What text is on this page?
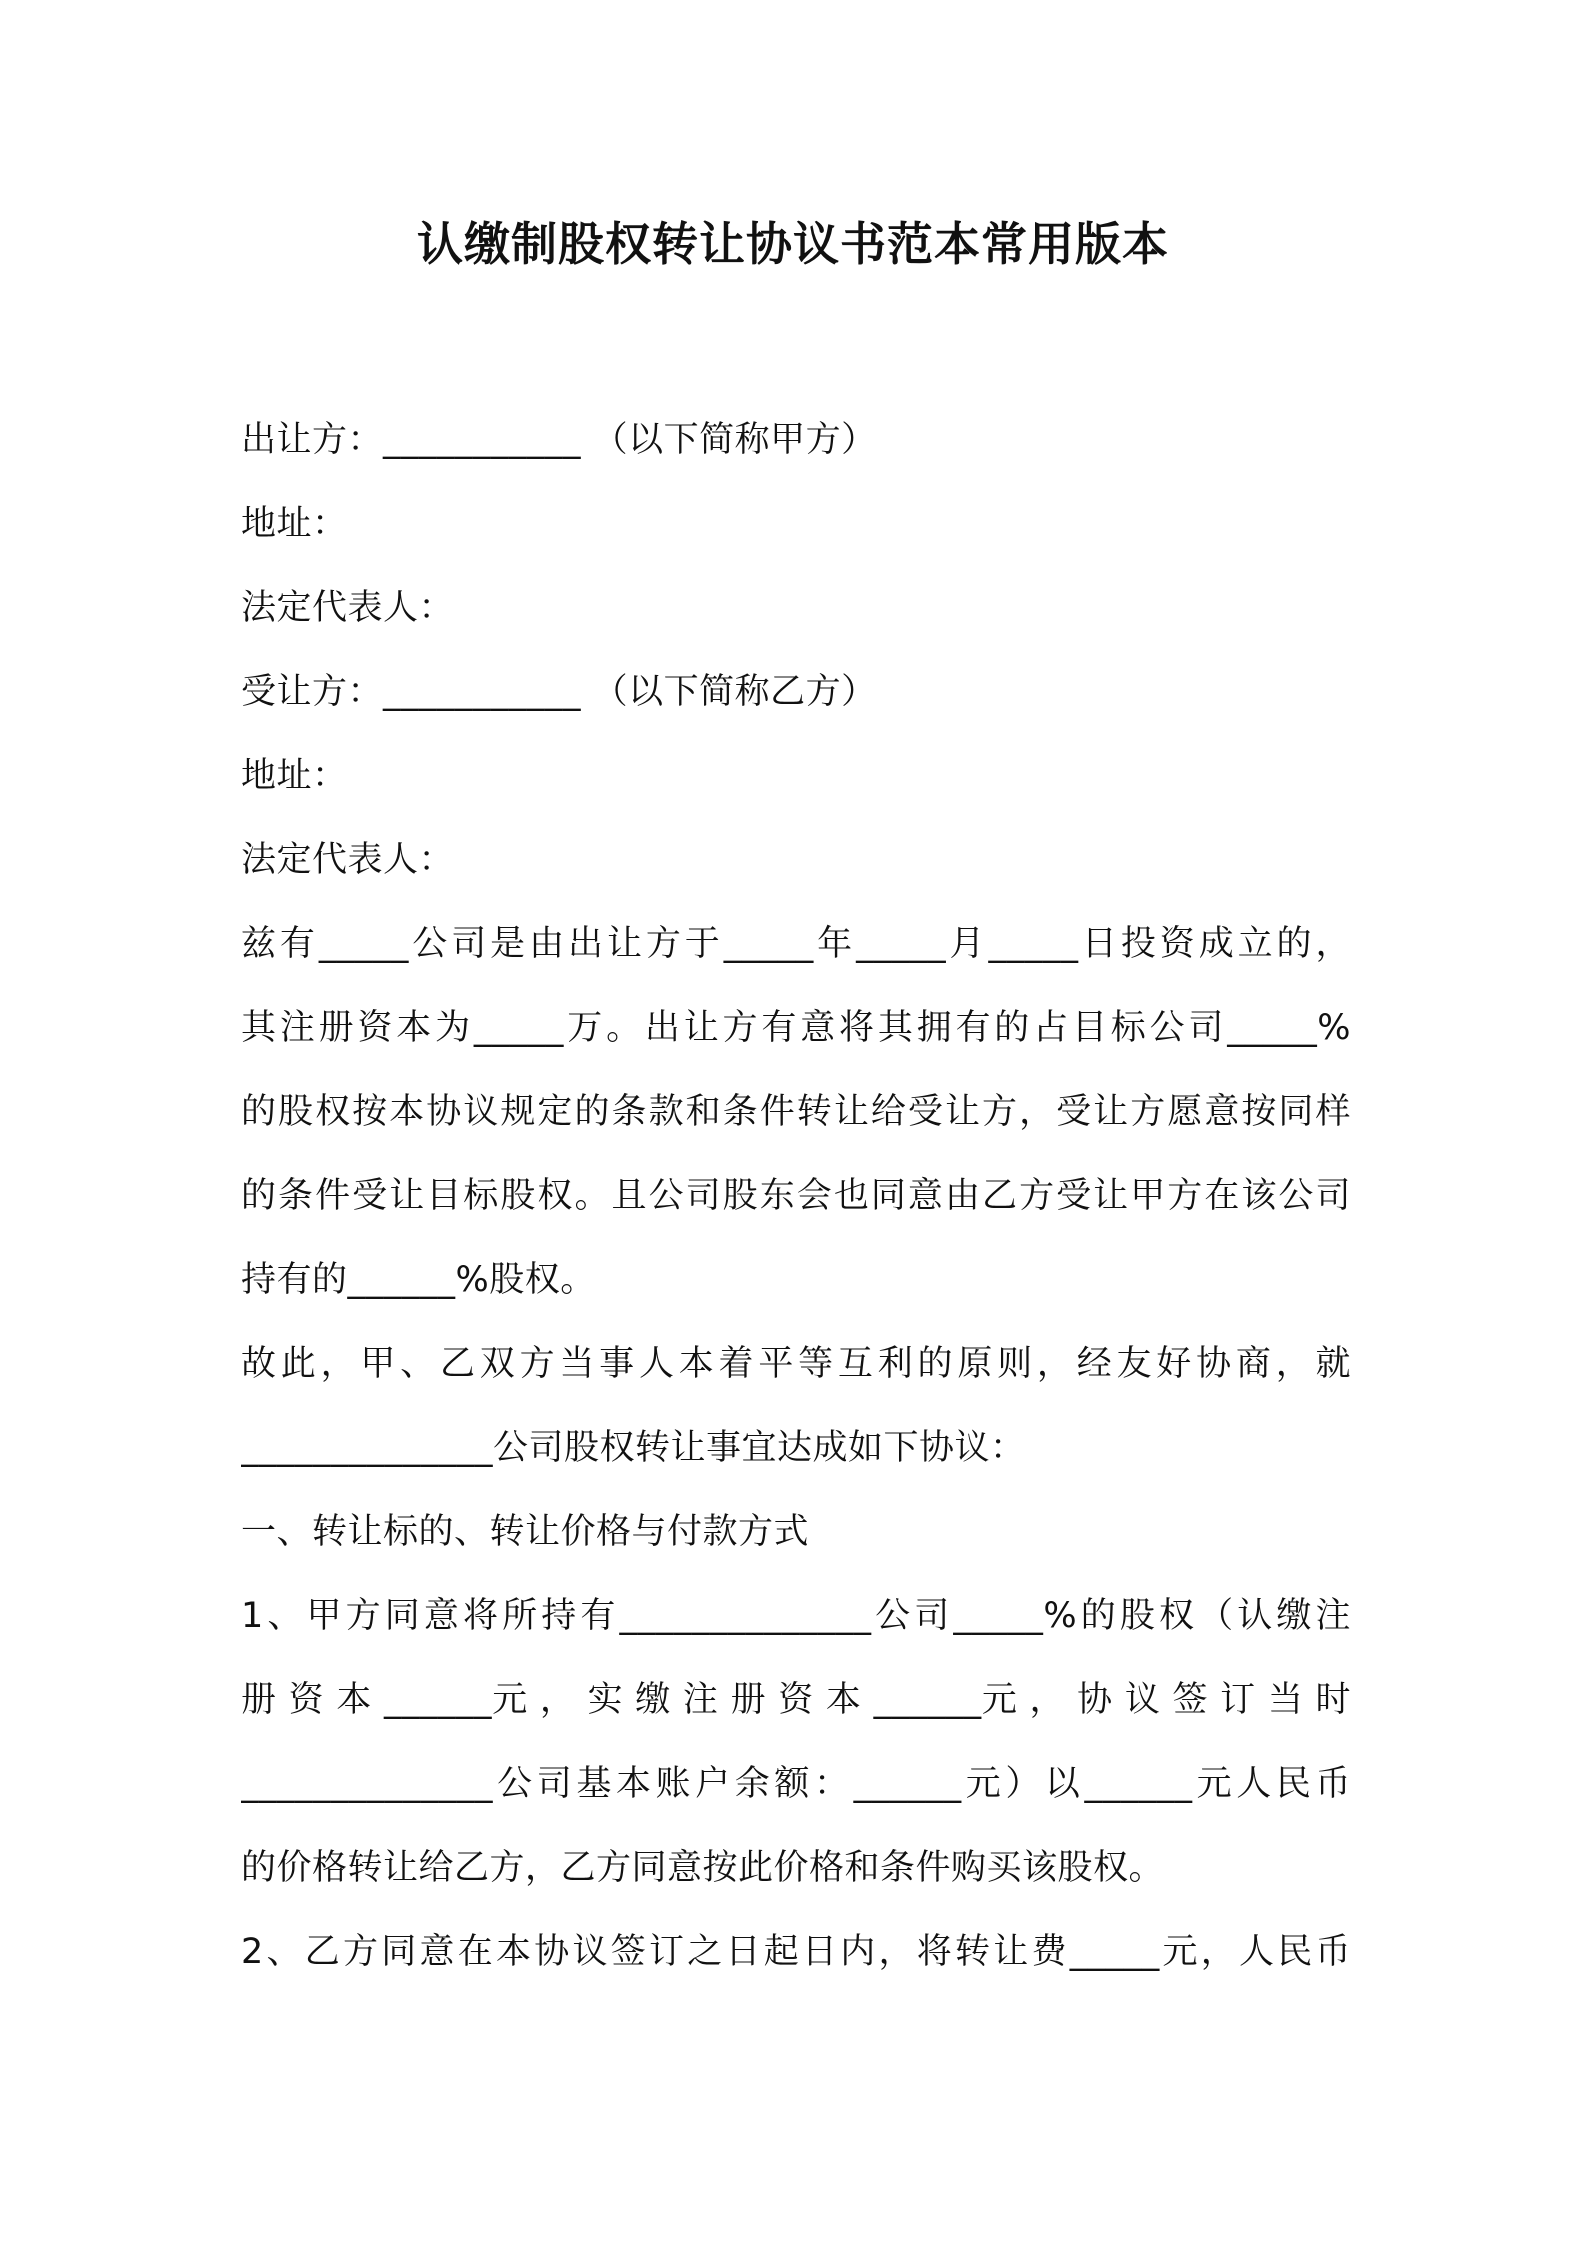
认缴制股权转让协议书范本常用版本
出让方：___________ （以下简称甲方）
地址：
法定代表人：
受让方：___________ （以下简称乙方）
地址：
法定代表人：
兹有_____公司是由出让方于_____年_____月_____日投资成立的，
其注册资本为_____万。出让方有意将其拥有的占目标公司_____%
的股权按本协议规定的条款和条件转让给受让方，受让方愿意按同样
的条件受让目标股权。且公司股东会也同意由乙方受让甲方在该公司
持有的______%股权。
故此，甲、乙双方当事人本着平等互利的原则，经友好协商，就
______________公司股权转让事宜达成如下协议：
一、转让标的、转让价格与付款方式
1、甲方同意将所持有______________公司_____%的股权（认缴注
册 资 本 ______元 ， 实 缴 注 册 资 本 ______元 ， 协 议 签 订 当 时
______________公司基本账户余额：______元）以______元人民币
的价格转让给乙方，乙方同意按此价格和条件购买该股权。
2、乙方同意在本协议签订之日起日内，将转让费_____元，人民币
